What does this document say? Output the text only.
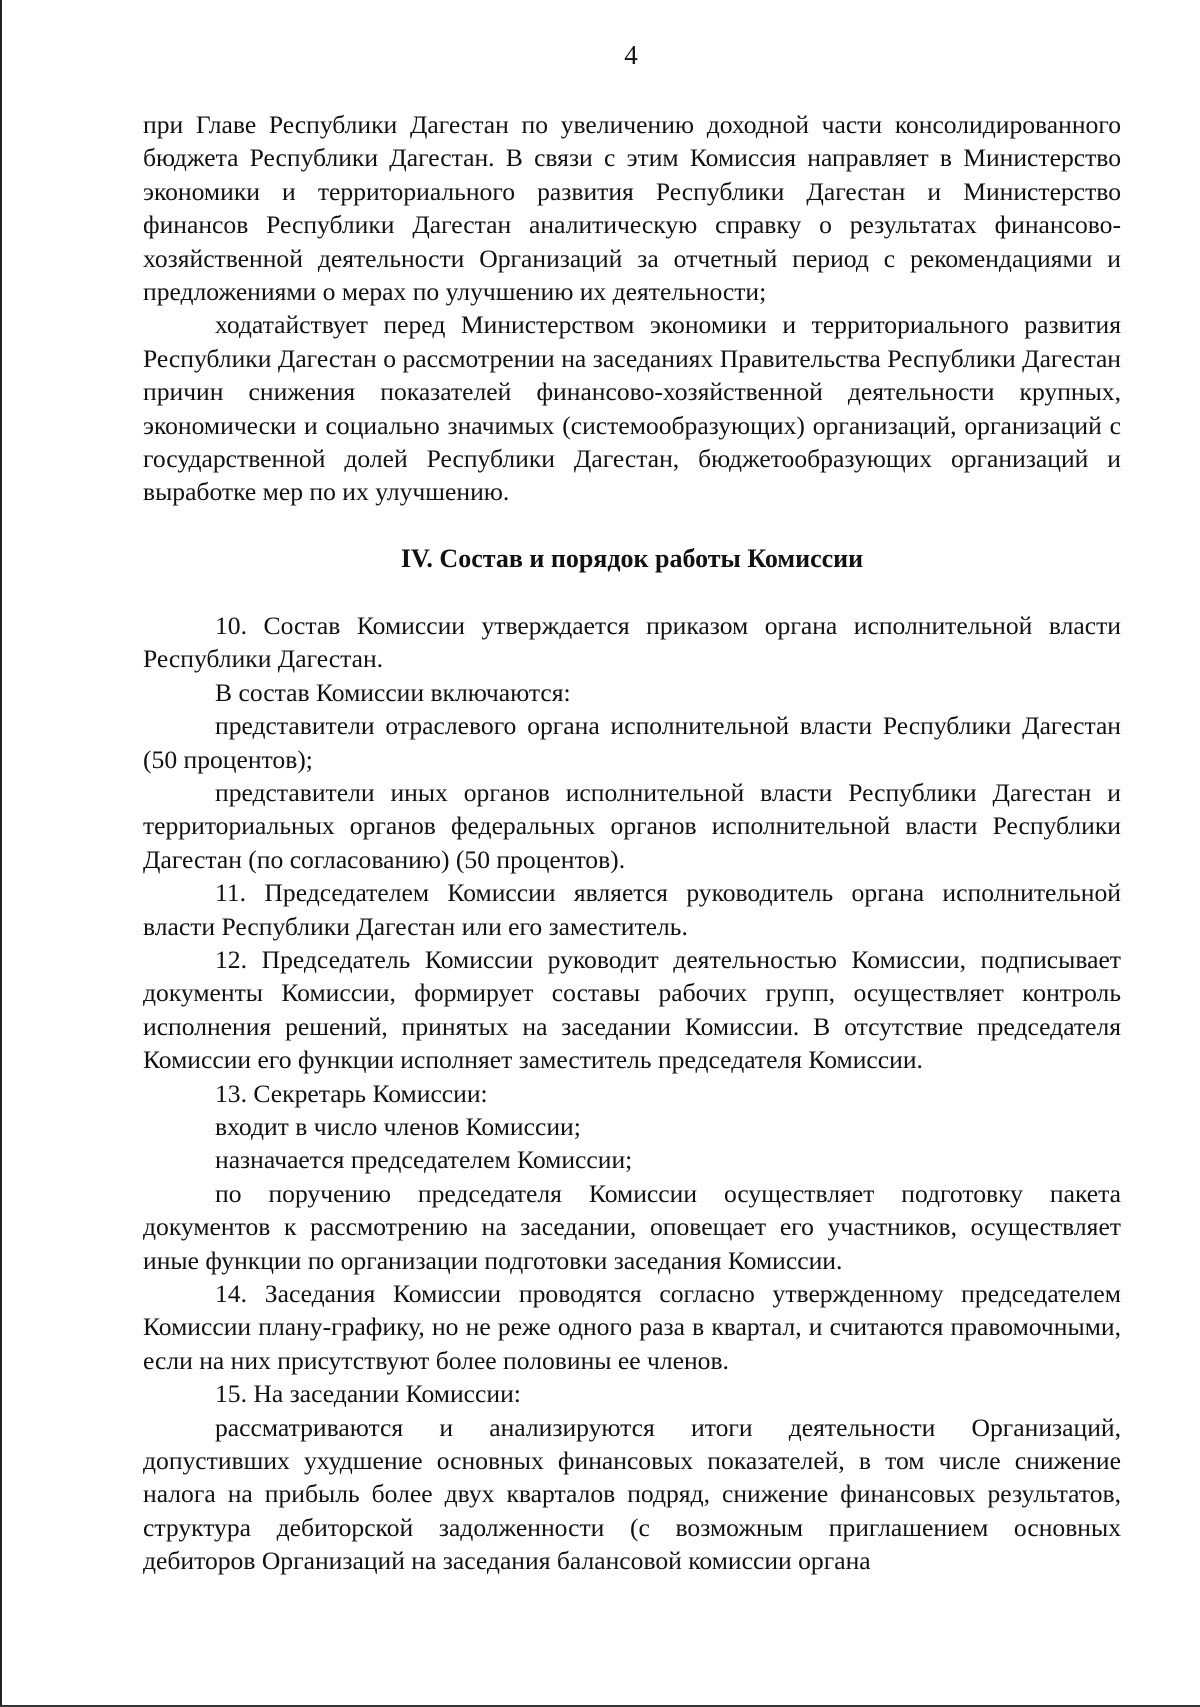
4

при Главе Республики Дагестан по увеличению доходной части консолидированного бюджета Республики Дагестан. В связи с этим Комиссия направляет в Министерство экономики и территориального развития Республики Дагестан и Министерство финансов Республики Дагестан аналитическую справку о результатах финансово-хозяйственной деятельности Организаций за отчетный период с рекомендациями и предложениями о мерах по улучшению их деятельности;

ходатайствует перед Министерством экономики и территориального развития Республики Дагестан о рассмотрении на заседаниях Правительства Республики Дагестан причин снижения показателей финансово-хозяйственной деятельности крупных, экономически и социально значимых (системообразующих) организаций, организаций с государственной долей Республики Дагестан, бюджетообразующих организаций и выработке мер по их улучшению.

IV. Состав и порядок работы Комиссии

10. Состав Комиссии утверждается приказом органа исполнительной власти Республики Дагестан.

В состав Комиссии включаются:

представители отраслевого органа исполнительной власти Республики Дагестан (50 процентов);

представители иных органов исполнительной власти Республики Дагестан и территориальных органов федеральных органов исполнительной власти Республики Дагестан (по согласованию) (50 процентов).

11. Председателем Комиссии является руководитель органа исполнительной власти Республики Дагестан или его заместитель.

12. Председатель Комиссии руководит деятельностью Комиссии, подписывает документы Комиссии, формирует составы рабочих групп, осуществляет контроль исполнения решений, принятых на заседании Комиссии. В отсутствие председателя Комиссии его функции исполняет заместитель председателя Комиссии.

13. Секретарь Комиссии:

входит в число членов Комиссии;

назначается председателем Комиссии;

по поручению председателя Комиссии осуществляет подготовку пакета документов к рассмотрению на заседании, оповещает его участников, осуществляет иные функции по организации подготовки заседания Комиссии.

14. Заседания Комиссии проводятся согласно утвержденному председателем Комиссии плану-графику, но не реже одного раза в квартал, и считаются правомочными, если на них присутствуют более половины ее членов.

15. На заседании Комиссии:

рассматриваются и анализируются итоги деятельности Организаций, допустивших ухудшение основных финансовых показателей, в том числе снижение налога на прибыль более двух кварталов подряд, снижение финансовых результатов, структура дебиторской задолженности (с возможным приглашением основных дебиторов Организаций на заседания балансовой комиссии органа
